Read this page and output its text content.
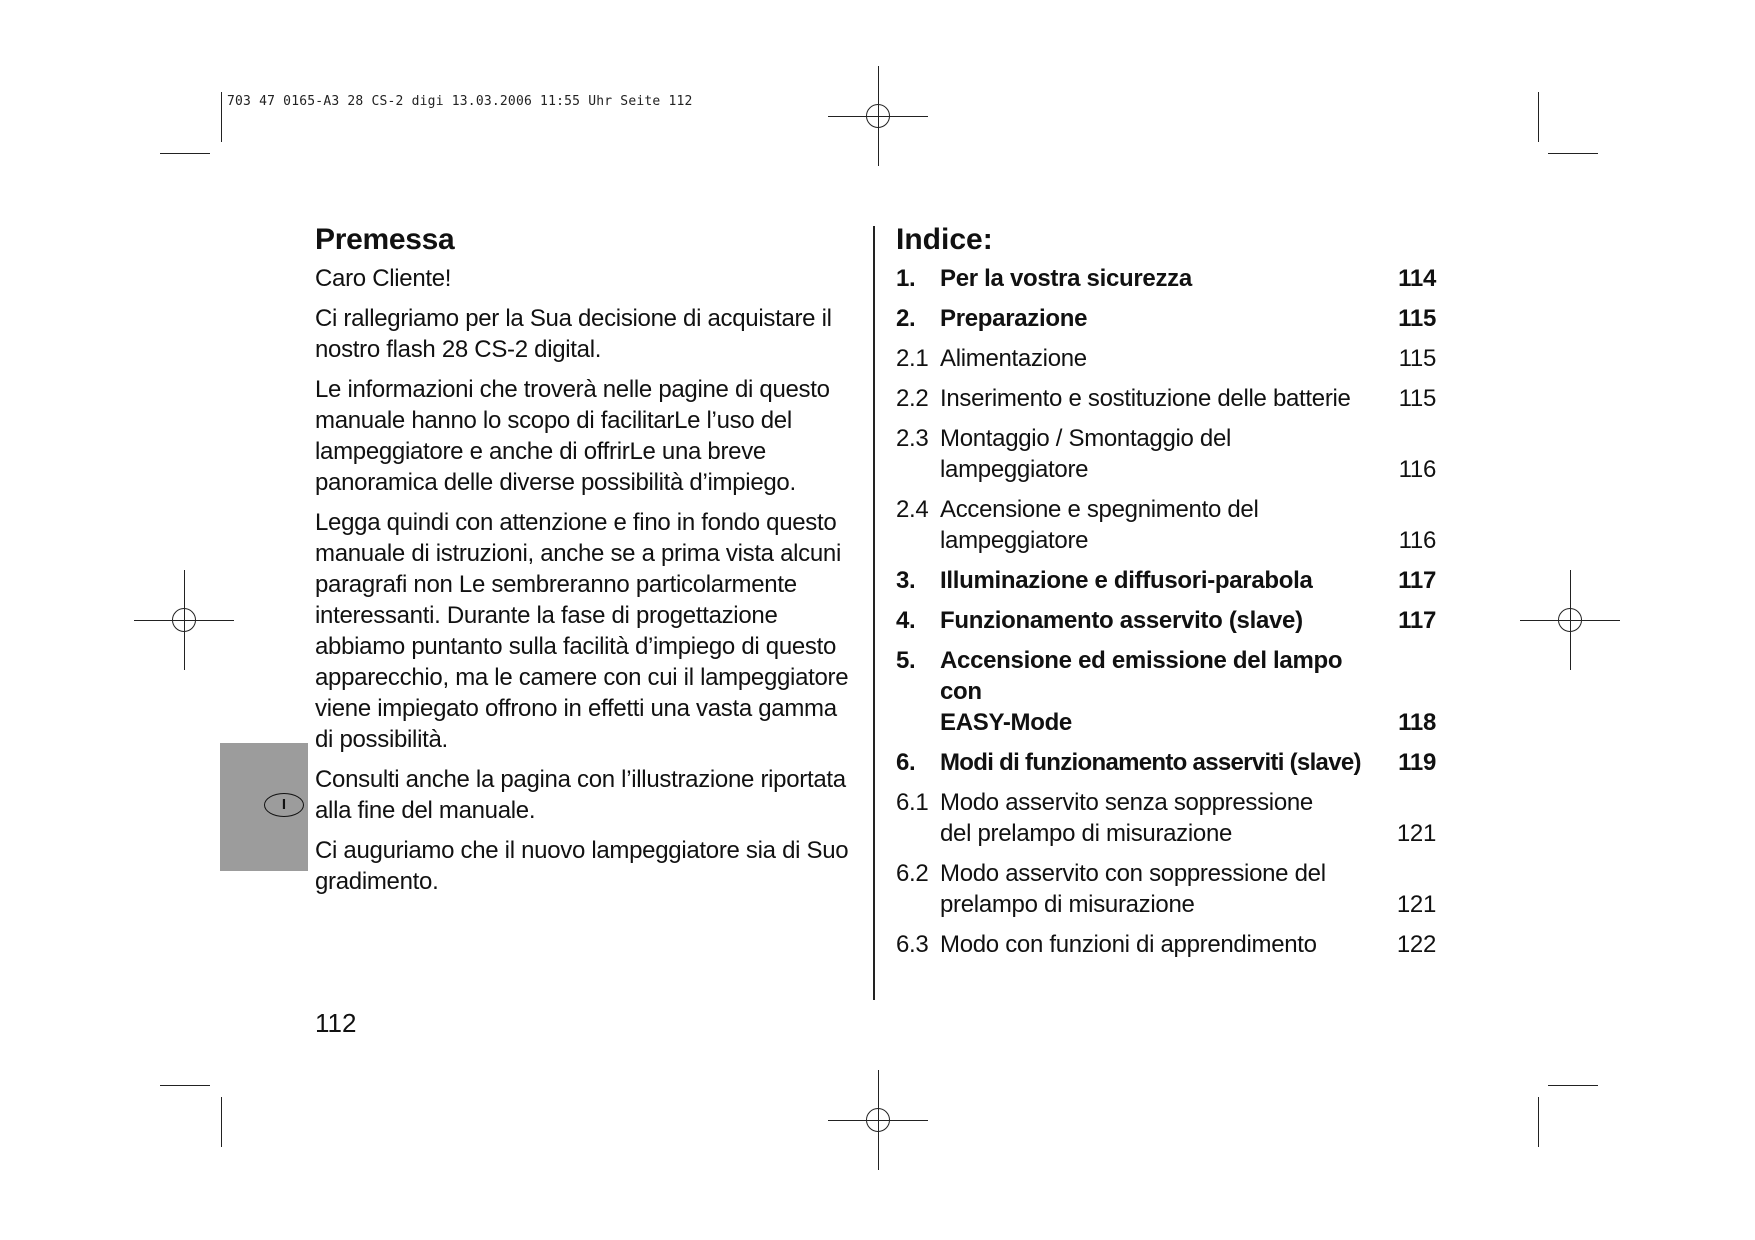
703 47 0165-A3 28 CS-2 digi 13.03.2006 11:55 Uhr Seite 112
Premessa

Caro Cliente!

Ci rallegriamo per la Sua decisione di acquistare il nostro flash 28 CS-2 digital.

Le informazioni che troverà nelle pagine di questo manuale hanno lo scopo di facilitarLe l’uso del lampeggiatore e anche di offrirLe una breve panoramica delle diverse possibilità d’impiego.

Legga quindi con attenzione e fino in fondo questo manuale di istruzioni, anche se a prima vista alcuni paragrafi non Le sembreranno particolarmente interessanti. Durante la fase di progettazione abbiamo puntanto sulla facilità d’impiego di questo apparecchio, ma le camere con cui il lampeggiatore viene impiegato offrono in effetti una vasta gamma di possibilità.

Consulti anche la pagina con l’illustrazione riportata alla fine del manuale.

Ci auguriamo che il nuovo lampeggiatore sia di Suo gradimento.

Indice:
1.	Per la vostra sicurezza	114
2.	Preparazione	115
2.1 Alimentazione	115
2.2 Inserimento e sostituzione delle batterie	115
2.3 Montaggio / Smontaggio del
lampeggiatore	116
2.4 Accensione e spegnimento del
lampeggiatore	116
3.	Illuminazione e diffusori-parabola	117
4.	Funzionamento asservito (slave)	117
5.	Accensione ed emissione del lampo con
EASY-Mode	118
6.	Modi di funzionamento asserviti (slave)	119
6.1 Modo asservito senza soppressione
del prelampo di misurazione	121
6.2 Modo asservito con soppressione del
prelampo di misurazione	121
6.3 Modo con funzioni di apprendimento	122
112
I
